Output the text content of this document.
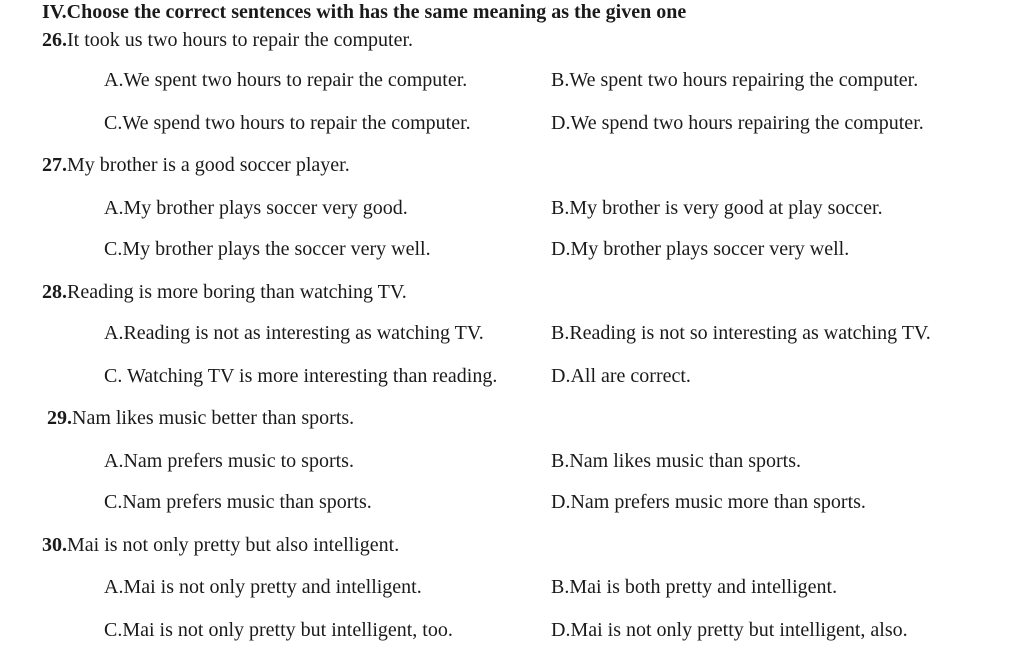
IV.Choose the correct sentences with has the same meaning as the given one
26.It took us two hours to repair the computer.
A.We spent two hours to repair the computer.	B.We spent two hours repairing the computer.
C.We spend two hours to repair the computer.	D.We spend two hours repairing the computer.
27.My brother is a good soccer player.
A.My brother plays soccer very good.	B.My brother is very good at play soccer.
C.My brother plays the soccer very well.	D.My brother plays soccer very well.
28.Reading is more boring than watching TV.
A.Reading is not as interesting as watching TV.	B.Reading is not so interesting as watching TV.
C. Watching TV is more interesting than reading.	D.All are correct.
29.Nam likes music better than sports.
A.Nam prefers music to sports.	B.Nam likes music than sports.
C.Nam prefers music than sports.	D.Nam prefers music more than sports.
30.Mai is not only pretty but also intelligent.
A.Mai is not only pretty and intelligent.	B.Mai is both pretty and intelligent.
C.Mai is not only pretty but intelligent, too.	D.Mai is not only pretty but intelligent, also.
